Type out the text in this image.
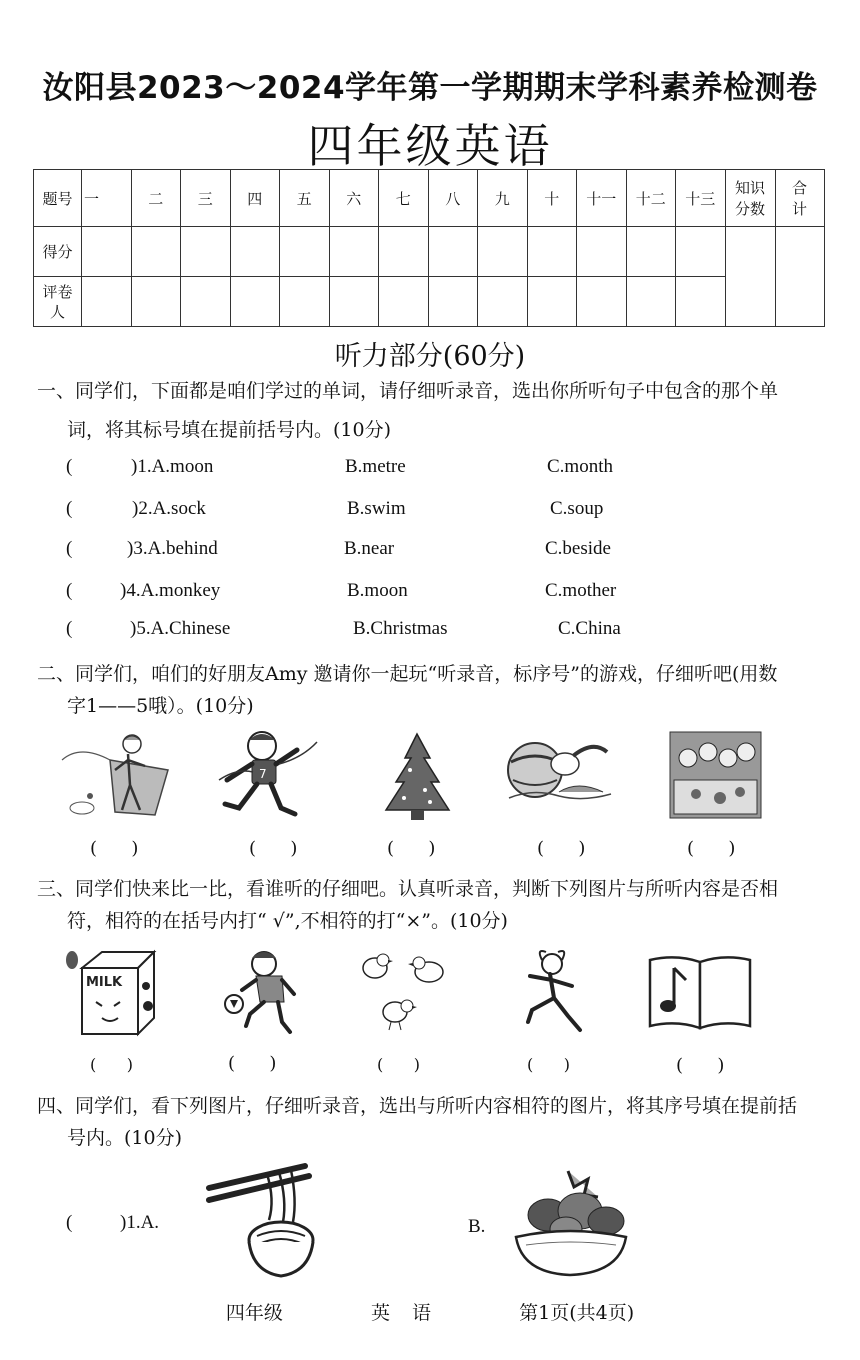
汝阳县2023～2024学年第一学期期末学科素养检测卷
四年级英语
题号	一	二	三	四	五	六	七	八	九	十	十一	十二	十三	知识分数	合计
得分															
评卷人															
听力部分(60分)
一、同学们，下面都是咱们学过的单词，请仔细听录音，选出你所听句子中包含的那个单
词，将其标号填在提前括号内。(10分)
(	)1.A.moon	B.metre	C.month
(	)2.A.sock	B.swim	C.soup
(	)3.A.behind	B.near	C.beside
(	)4.A.monkey	B.moon	C.mother
(	)5.A.Chinese	B.Christmas	C.China
二、同学们，咱们的好朋友Amy 邀请你一起玩“听录音，标序号”的游戏，仔细听吧(用数
字1——5哦）。(10分)
7
(      )	(      )	(      )	(      )	(      )
三、同学们快来比一比，看谁听的仔细吧。认真听录音，判断下列图片与所听内容是否相
符，相符的在括号内打“ √”,不相符的打“×”。(10分)
MILK
(      )	(      )	(      )	(      )	(      )
四、同学们，看下列图片，仔细听录音，选出与所听内容相符的图片，将其序号填在提前括
号内。(10分)
(	)1.A.	B.
四年级    英 语    第1页(共4页)
